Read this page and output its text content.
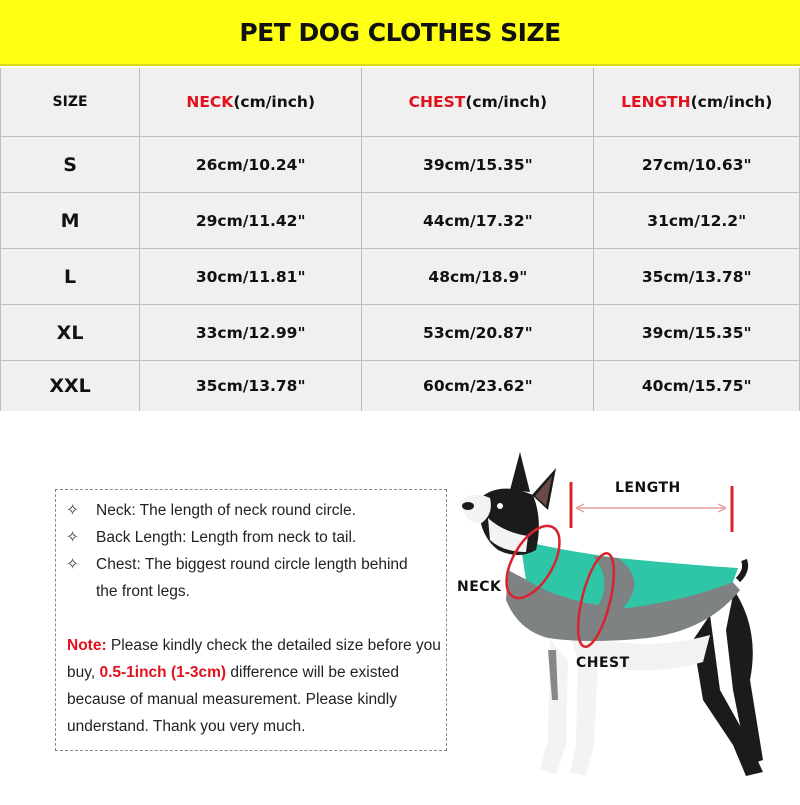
PET DOG CLOTHES SIZE
SIZE	NECK(cm/inch)	CHEST(cm/inch)	LENGTH(cm/inch)
S	26cm/10.24"	39cm/15.35"	27cm/10.63"
M	29cm/11.42"	44cm/17.32"	31cm/12.2"
L	30cm/11.81"	48cm/18.9"	35cm/13.78"
XL	33cm/12.99"	53cm/20.87"	39cm/15.35"
XXL	35cm/13.78"	60cm/23.62"	40cm/15.75"
✧ Neck: The length of neck round circle.
✧ Back Length: Length from neck to tail.
✧ Chest: The biggest round circle length behind
the front legs.
Note: Please kindly check the detailed size before you buy, 0.5-1inch (1-3cm) difference will be existed because of manual measurement. Please kindly understand. Thank you very much.
LENGTH
NECK
CHEST
